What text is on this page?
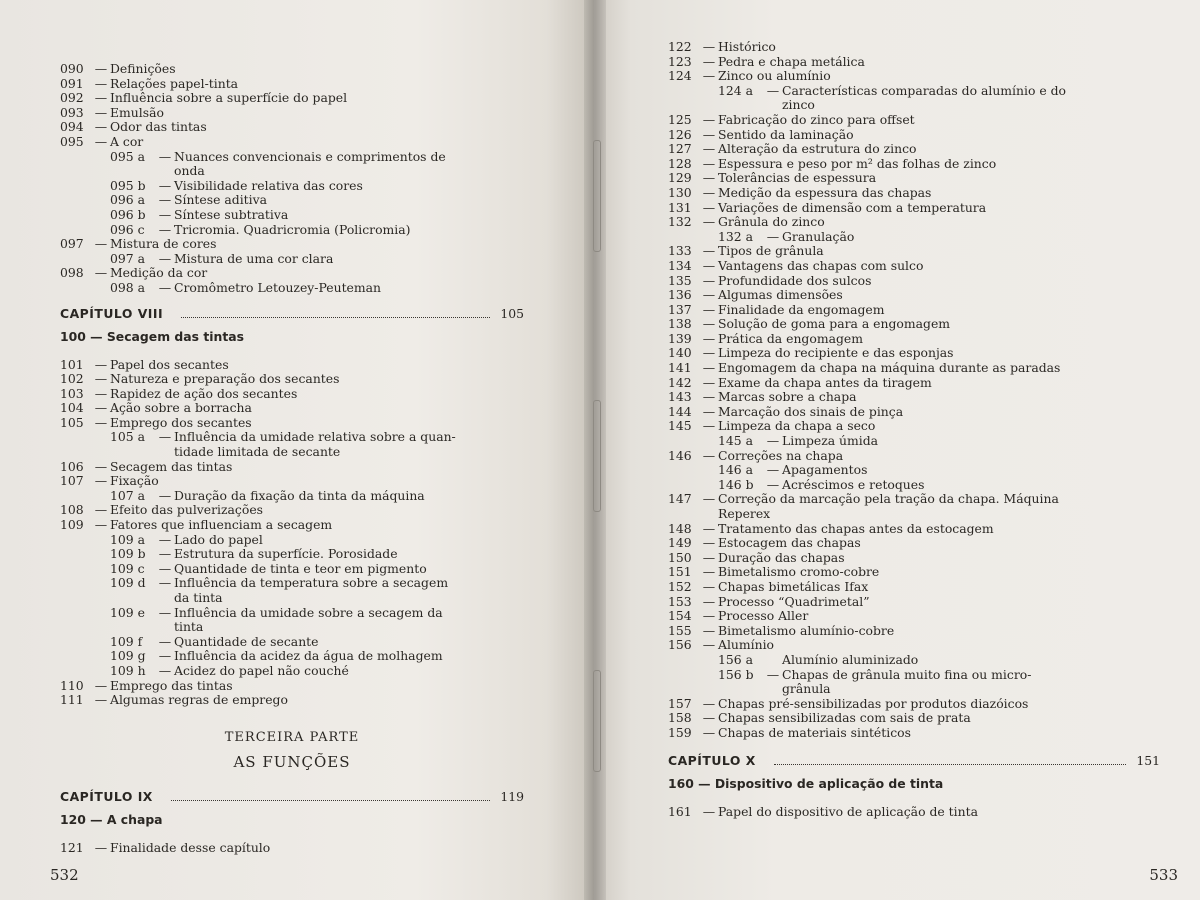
090 — Definições
091 — Relações papel-tinta
092 — Influência sobre a superfície do papel
093 — Emulsão
094 — Odor das tintas
095 — A cor
095 a	— Nuances convencionais e comprimentos de
onda
095 b	— Visibilidade relativa das cores
096 a	— Síntese aditiva
096 b	— Síntese subtrativa
096 c	— Tricromia. Quadricromia (Policromia)
097 — Mistura de cores
097 a	— Mistura de uma cor clara
098 — Medição da cor
098 a	— Cromômetro Letouzey-Peuteman
CAPÍTULO VIII	105
100 — Secagem das tintas
101 — Papel dos secantes
102 — Natureza e preparação dos secantes
103 — Rapidez de ação dos secantes
104 — Ação sobre a borracha
105 — Emprego dos secantes
105 a	— Influência da umidade relativa sobre a quan-
tidade limitada de secante
106 — Secagem das tintas
107 — Fixação
107 a	— Duração da fixação da tinta da máquina
108 — Efeito das pulverizações
109 — Fatores que influenciam a secagem
109 a	— Lado do papel
109 b	— Estrutura da superfície. Porosidade
109 c	— Quantidade de tinta e teor em pigmento
109 d	— Influência da temperatura sobre a secagem
da tinta
109 e	— Influência da umidade sobre a secagem da
tinta
109 f	— Quantidade de secante
109 g	— Influência da acidez da água de molhagem
109 h	— Acidez do papel não couché
110 — Emprego das tintas
111 — Algumas regras de emprego
TERCEIRA PARTE
AS FUNÇÕES
CAPÍTULO IX	119
120 — A chapa
121 — Finalidade desse capítulo
532
122 — Histórico
123 — Pedra e chapa metálica
124 — Zinco ou alumínio
124 a	— Características comparadas do alumínio e do
zinco
125 — Fabricação do zinco para offset
126 — Sentido da laminação
127 — Alteração da estrutura do zinco
128 — Espessura e peso por m² das folhas de zinco
129 — Tolerâncias de espessura
130 — Medição da espessura das chapas
131 — Variações de dimensão com a temperatura
132 — Grânula do zinco
132 a	— Granulação
133 — Tipos de grânula
134 — Vantagens das chapas com sulco
135 — Profundidade dos sulcos
136 — Algumas dimensões
137 — Finalidade da engomagem
138 — Solução de goma para a engomagem
139 — Prática da engomagem
140 — Limpeza do recipiente e das esponjas
141 — Engomagem da chapa na máquina durante as paradas
142 — Exame da chapa antes da tiragem
143 — Marcas sobre a chapa
144 — Marcação dos sinais de pinça
145 — Limpeza da chapa a seco
145 a	— Limpeza úmida
146 — Correções na chapa
146 a	— Apagamentos
146 b	— Acréscimos e retoques
147 — Correção da marcação pela tração da chapa. Máquina
Reperex
148 — Tratamento das chapas antes da estocagem
149 — Estocagem das chapas
150 — Duração das chapas
151 — Bimetalismo cromo-cobre
152 — Chapas bimetálicas Ifax
153 — Processo “Quadrimetal”
154 — Processo Aller
155 — Bimetalismo alumínio-cobre
156 — Alumínio
156 a	Alumínio aluminizado
156 b	— Chapas de grânula muito fina ou micro-
grânula
157 — Chapas pré-sensibilizadas por produtos diazóicos
158 — Chapas sensibilizadas com sais de prata
159 — Chapas de materiais sintéticos
CAPÍTULO X	151
160 — Dispositivo de aplicação de tinta
161 — Papel do dispositivo de aplicação de tinta
533
